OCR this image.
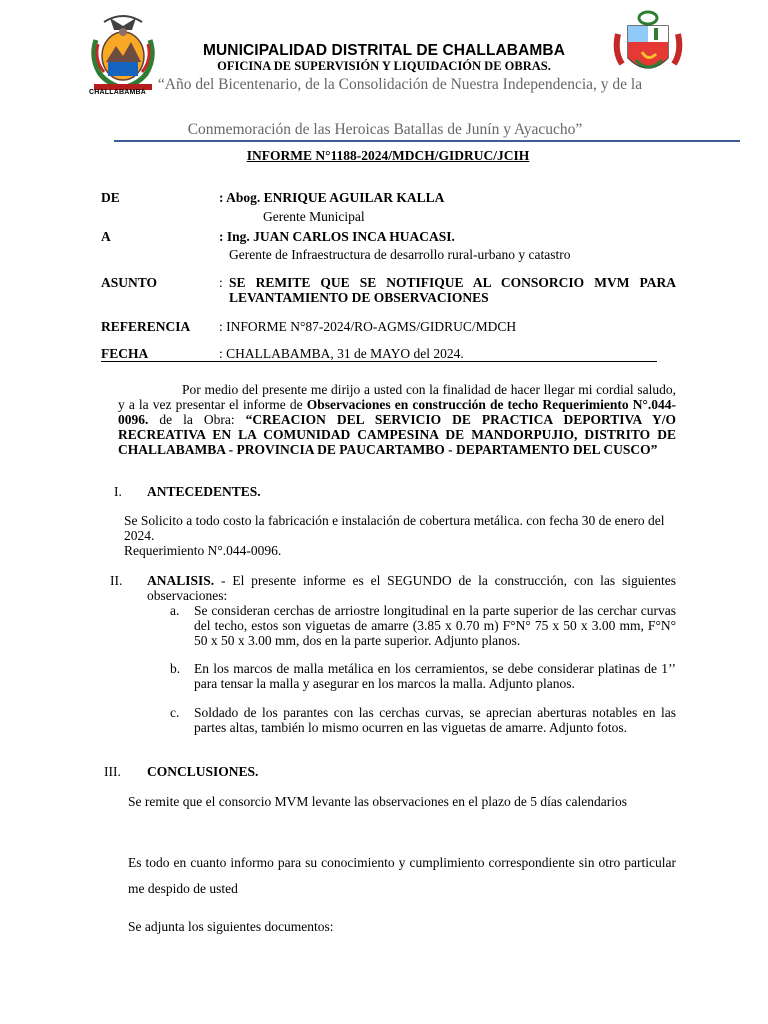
CHALLABAMBA
MUNICIPALIDAD DISTRITAL DE CHALLABAMBA
OFICINA DE SUPERVISIÓN Y LIQUIDACIÓN DE OBRAS.
“Año del Bicentenario, de la Consolidación de Nuestra Independencia, y de la
Conmemoración de las Heroicas Batallas de Junín y Ayacucho”
INFORME N°1188-2024/MDCH/GIDRUC/JCIH
DE	: Abog. ENRIQUE AGUILAR KALLA
Gerente Municipal
A	: Ing. JUAN CARLOS INCA HUACASI.
Gerente de Infraestructura de desarrollo rural-urbano y catastro
ASUNTO	: SE REMITE QUE SE NOTIFIQUE AL CONSORCIO MVM PARA LEVANTAMIENTO DE OBSERVACIONES
REFERENCIA : INFORME N°87-2024/RO-AGMS/GIDRUC/MDCH
FECHA	: CHALLABAMBA, 31 de MAYO del 2024.
Por medio del presente me dirijo a usted con la finalidad de hacer llegar mi cordial saludo, y a la vez presentar el informe de Observaciones en construcción de techo Requerimiento N°.044-0096. de la Obra: “CREACION DEL SERVICIO DE PRACTICA DEPORTIVA Y/O RECREATIVA EN LA COMUNIDAD CAMPESINA DE MANDORPUJIO, DISTRITO DE CHALLABAMBA - PROVINCIA DE PAUCARTAMBO - DEPARTAMENTO DEL CUSCO”
I. ANTECEDENTES.
Se Solicito a todo costo la fabricación e instalación de cobertura metálica. con fecha 30 de enero del 2024.
Requerimiento N°.044-0096.
II. ANALISIS. - El presente informe es el SEGUNDO de la construcción, con las siguientes observaciones:
a. Se consideran cerchas de arriostre longitudinal en la parte superior de las cerchar curvas del techo, estos son viguetas de amarre (3.85 x 0.70 m) F°N° 75 x 50 x 3.00 mm, F°N° 50 x 50 x 3.00 mm, dos en la parte superior. Adjunto planos.
b. En los marcos de malla metálica en los cerramientos, se debe considerar platinas de 1’’ para tensar la malla y asegurar en los marcos la malla. Adjunto planos.
c. Soldado de los parantes con las cerchas curvas, se aprecian aberturas notables en las partes altas, también lo mismo ocurren en las viguetas de amarre. Adjunto fotos.
III. CONCLUSIONES.
Se remite que el consorcio MVM levante las observaciones en el plazo de 5 días calendarios
Es todo en cuanto informo para su conocimiento y cumplimiento correspondiente sin otro particular me despido de usted
Se adjunta los siguientes documentos:
